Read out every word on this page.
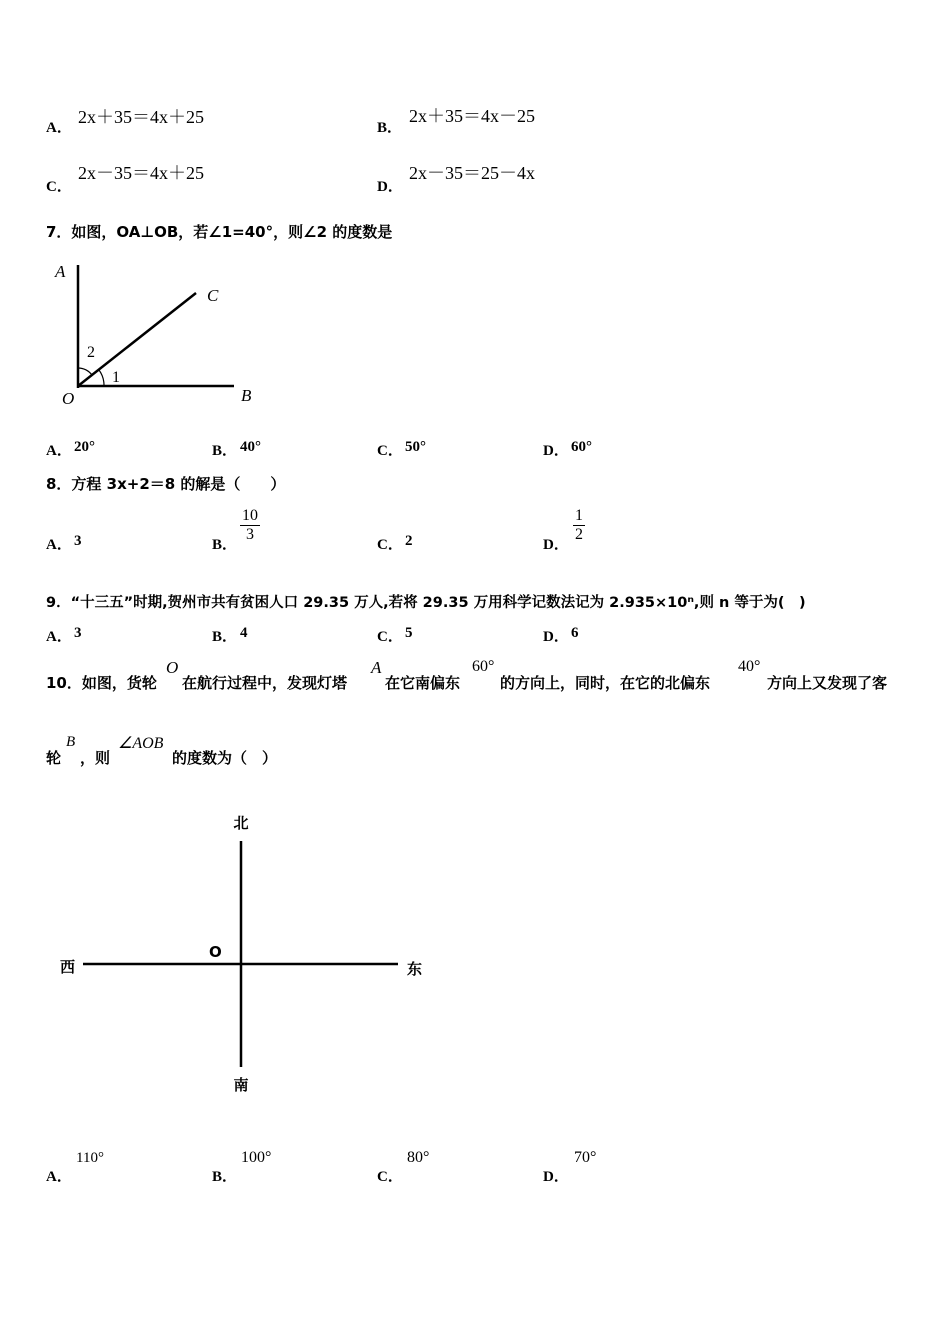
A．
2x＋35＝4x＋25
B．
2x＋35＝4x－25
C．
2x－35＝4x＋25
D．
2x－35＝25－4x
7．如图，OA⊥OB，若∠1=40°，则∠2 的度数是
A
C
O	B
2
1
A． 20°	B． 40°	C． 50°	D． 60°
8．方程 3x+2＝8 的解是（　　）
A． 3	B．
$\frac{10}{3}$
C． 2	D．
$\frac{1}{2}$
9．“十三五”时期,贺州市共有贫困人口 29.35 万人,若将 29.35 万用科学记数法记为 2.935×10ⁿ,则 n 等于为(　)
A． 3	B． 4	C． 5	D． 6
10．如图，货轮
O
在航行过程中，发现灯塔
A
在它南偏东
60°
的方向上，同时，在它的北偏东
40°
方向上又发现了客
轮
B
，则
∠AOB
的度数为（　）
北
南
西	东
O
A．
110°
B．
100°
C．
80°
D．
70°
